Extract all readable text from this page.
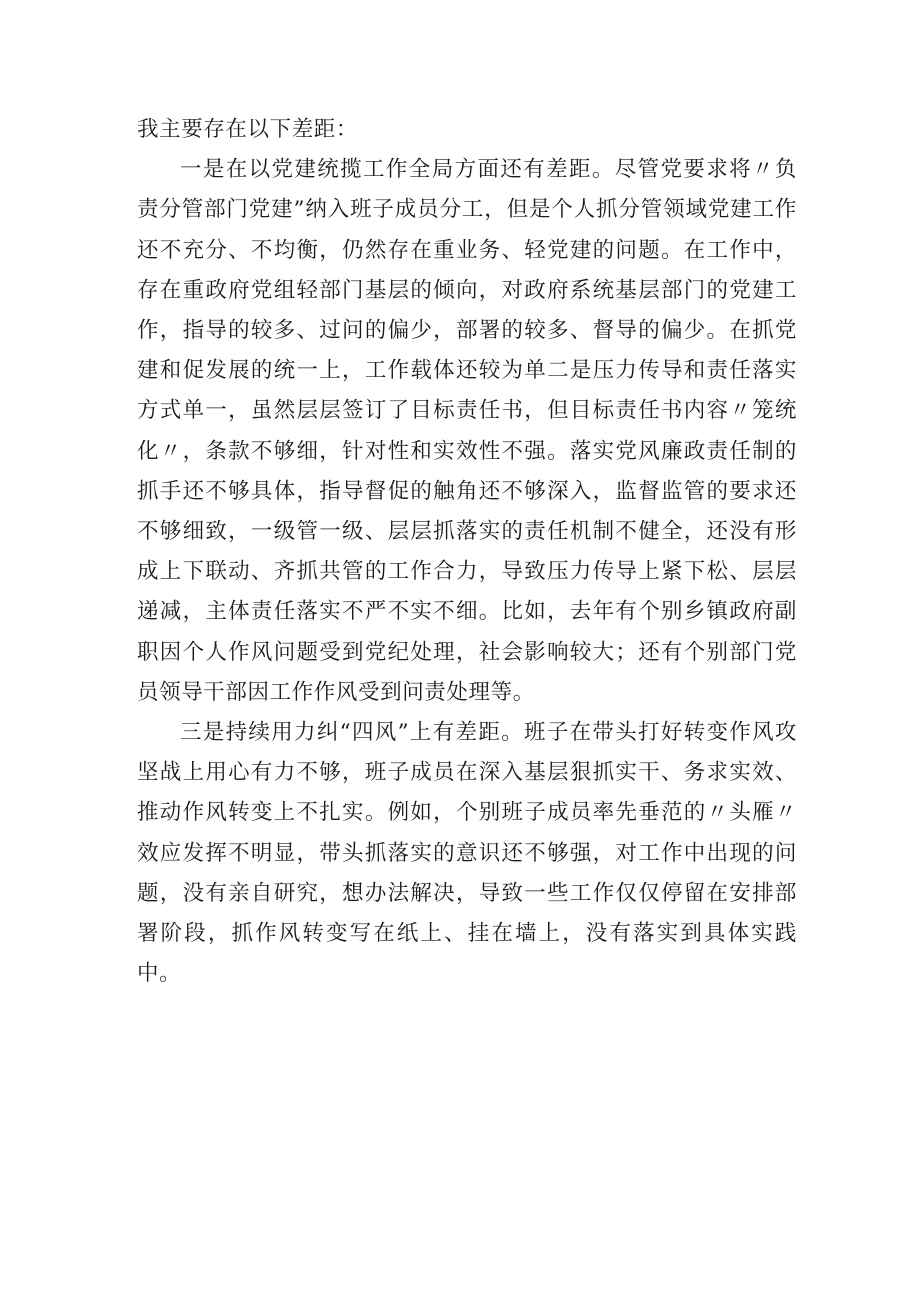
我主要存在以下差距：

一是在以党建统揽工作全局方面还有差距。尽管党要求将〃负责分管部门党建”纳入班子成员分工，但是个人抓分管领域党建工作还不充分、不均衡，仍然存在重业务、轻党建的问题。在工作中，存在重政府党组轻部门基层的倾向，对政府系统基层部门的党建工作，指导的较多、过问的偏少，部署的较多、督导的偏少。在抓党建和促发展的统一上，工作载体还较为单二是压力传导和责任落实方式单一，虽然层层签订了目标责任书，但目标责任书内容〃笼统化〃，条款不够细，针对性和实效性不强。落实党风廉政责任制的抓手还不够具体，指导督促的触角还不够深入，监督监管的要求还不够细致，一级管一级、层层抓落实的责任机制不健全，还没有形成上下联动、齐抓共管的工作合力，导致压力传导上紧下松、层层递减，主体责任落实不严不实不细。比如，去年有个别乡镇政府副职因个人作风问题受到党纪处理，社会影响较大；还有个别部门党员领导干部因工作作风受到问责处理等。

三是持续用力纠“四风”上有差距。班子在带头打好转变作风攻坚战上用心有力不够，班子成员在深入基层狠抓实干、务求实效、推动作风转变上不扎实。例如，个别班子成员率先垂范的〃头雁〃效应发挥不明显，带头抓落实的意识还不够强，对工作中出现的问题，没有亲自研究，想办法解决，导致一些工作仅仅停留在安排部署阶段，抓作风转变写在纸上、挂在墙上，没有落实到具体实践中。
